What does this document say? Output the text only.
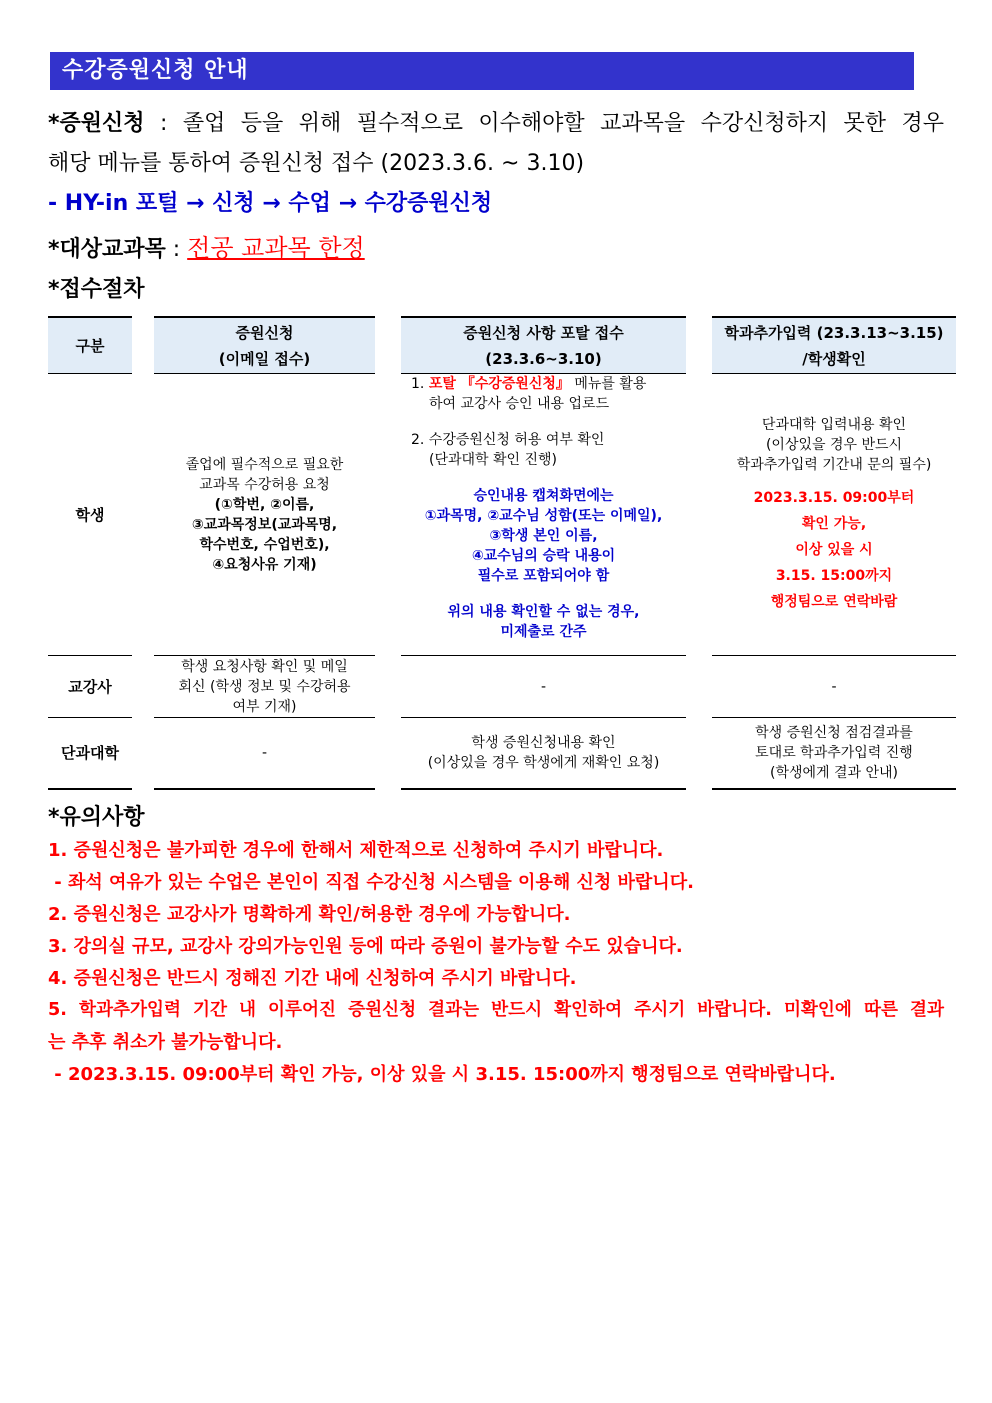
수강증원신청 안내
*증원신청 : 졸업 등을 위해 필수적으로 이수해야할 교과목을 수강신청하지 못한 경우
해당 메뉴를 통하여 증원신청 접수 (2023.3.6. ~ 3.10)
- HY-in 포털 → 신청 → 수업 → 수강증원신청
*대상교과목 : 전공 교과목 한정
*접수절차
구분
증원신청
(이메일 접수)
증원신청 사항 포탈 접수
(23.3.6~3.10)
학과추가입력 (23.3.13~3.15)
/학생확인
학생
졸업에 필수적으로 필요한
교과목 수강허용 요청
(①학번, ②이름,
③교과목정보(교과목명,
학수번호, 수업번호),
④요청사유 기재)
1. 포탈 『수강증원신청』 메뉴를 활용
하여 교강사 승인 내용 업로드
2. 수강증원신청 허용 여부 확인
(단과대학 확인 진행)
승인내용 캡쳐화면에는
①과목명, ②교수님 성함(또는 이메일),
③학생 본인 이름,
④교수님의 승락 내용이
필수로 포함되어야 함
위의 내용 확인할 수 없는 경우,
미제출로 간주
단과대학 입력내용 확인
(이상있을 경우 반드시
학과추가입력 기간내 문의 필수)
2023.3.15. 09:00부터
확인 가능,
이상 있을 시
3.15. 15:00까지
행정팀으로 연락바람
교강사
학생 요청사항 확인 및 메일
회신 (학생 정보 및 수강허용
여부 기재)
-	-
단과대학	-
학생 증원신청내용 확인
(이상있을 경우 학생에게 재확인 요청)
학생 증원신청 점검결과를
토대로 학과추가입력 진행
(학생에게 결과 안내)
*유의사항
1. 증원신청은 불가피한 경우에 한해서 제한적으로 신청하여 주시기 바랍니다.
- 좌석 여유가 있는 수업은 본인이 직접 수강신청 시스템을 이용해 신청 바랍니다.
2. 증원신청은 교강사가 명확하게 확인/허용한 경우에 가능합니다.
3. 강의실 규모, 교강사 강의가능인원 등에 따라 증원이 불가능할 수도 있습니다.
4. 증원신청은 반드시 정해진 기간 내에 신청하여 주시기 바랍니다.
5. 학과추가입력 기간 내 이루어진 증원신청 결과는 반드시 확인하여 주시기 바랍니다. 미확인에 따른 결과
는 추후 취소가 불가능합니다.
- 2023.3.15. 09:00부터 확인 가능, 이상 있을 시 3.15. 15:00까지 행정팀으로 연락바랍니다.
